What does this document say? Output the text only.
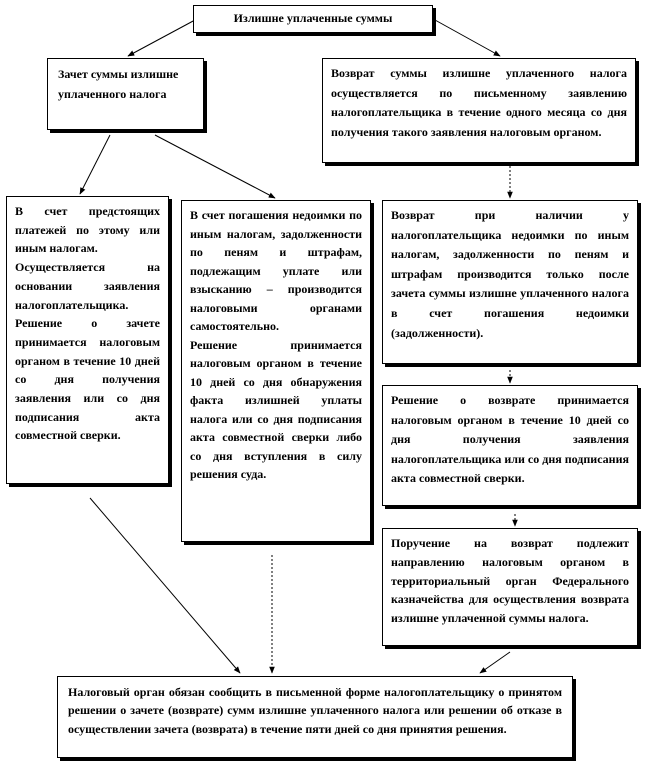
Излишне уплаченные суммы

Зачет суммы излишне уплаченного налога

Возврат суммы излишне уплаченного налога осуществляется по письменному заявлению налогоплательщика в течение одного месяца со дня получения такого заявления налоговым органом.

В счет предстоящих платежей по этому или иным налогам.

Осуществляется на основании заявления налогоплательщика.

Решение о зачете принимается налоговым органом в течение 10 дней со дня получения заявления или со дня подписания акта совместной сверки.

В счет погашения недоимки по иным налогам, задолженности по пеням и штрафам, подлежащим уплате или взысканию – производится налоговыми органами самостоятельно.

Решение принимается налоговым органом в течение 10 дней со дня обнаружения факта излишней уплаты налога или со дня подписания акта совместной сверки либо со дня вступления в силу решения суда.

Возврат при наличии у налогоплательщика недоимки по иным налогам, задолженности по пеням и штрафам производится только после зачета суммы излишне уплаченного налога в счет погашения недоимки (задолженности).

Решение о возврате принимается налоговым органом в течение 10 дней со дня получения заявления налогоплательщика или со дня подписания акта совместной сверки.

Поручение на возврат подлежит направлению налоговым органом в территориальный орган Федерального казначейства для осуществления возврата излишне уплаченной суммы налога.

Налоговый орган обязан сообщить в письменной форме налогоплательщику о принятом решении о зачете (возврате) сумм излишне уплаченного налога или решении об отказе в осуществлении зачета (возврата) в течение пяти дней со дня принятия решения.
